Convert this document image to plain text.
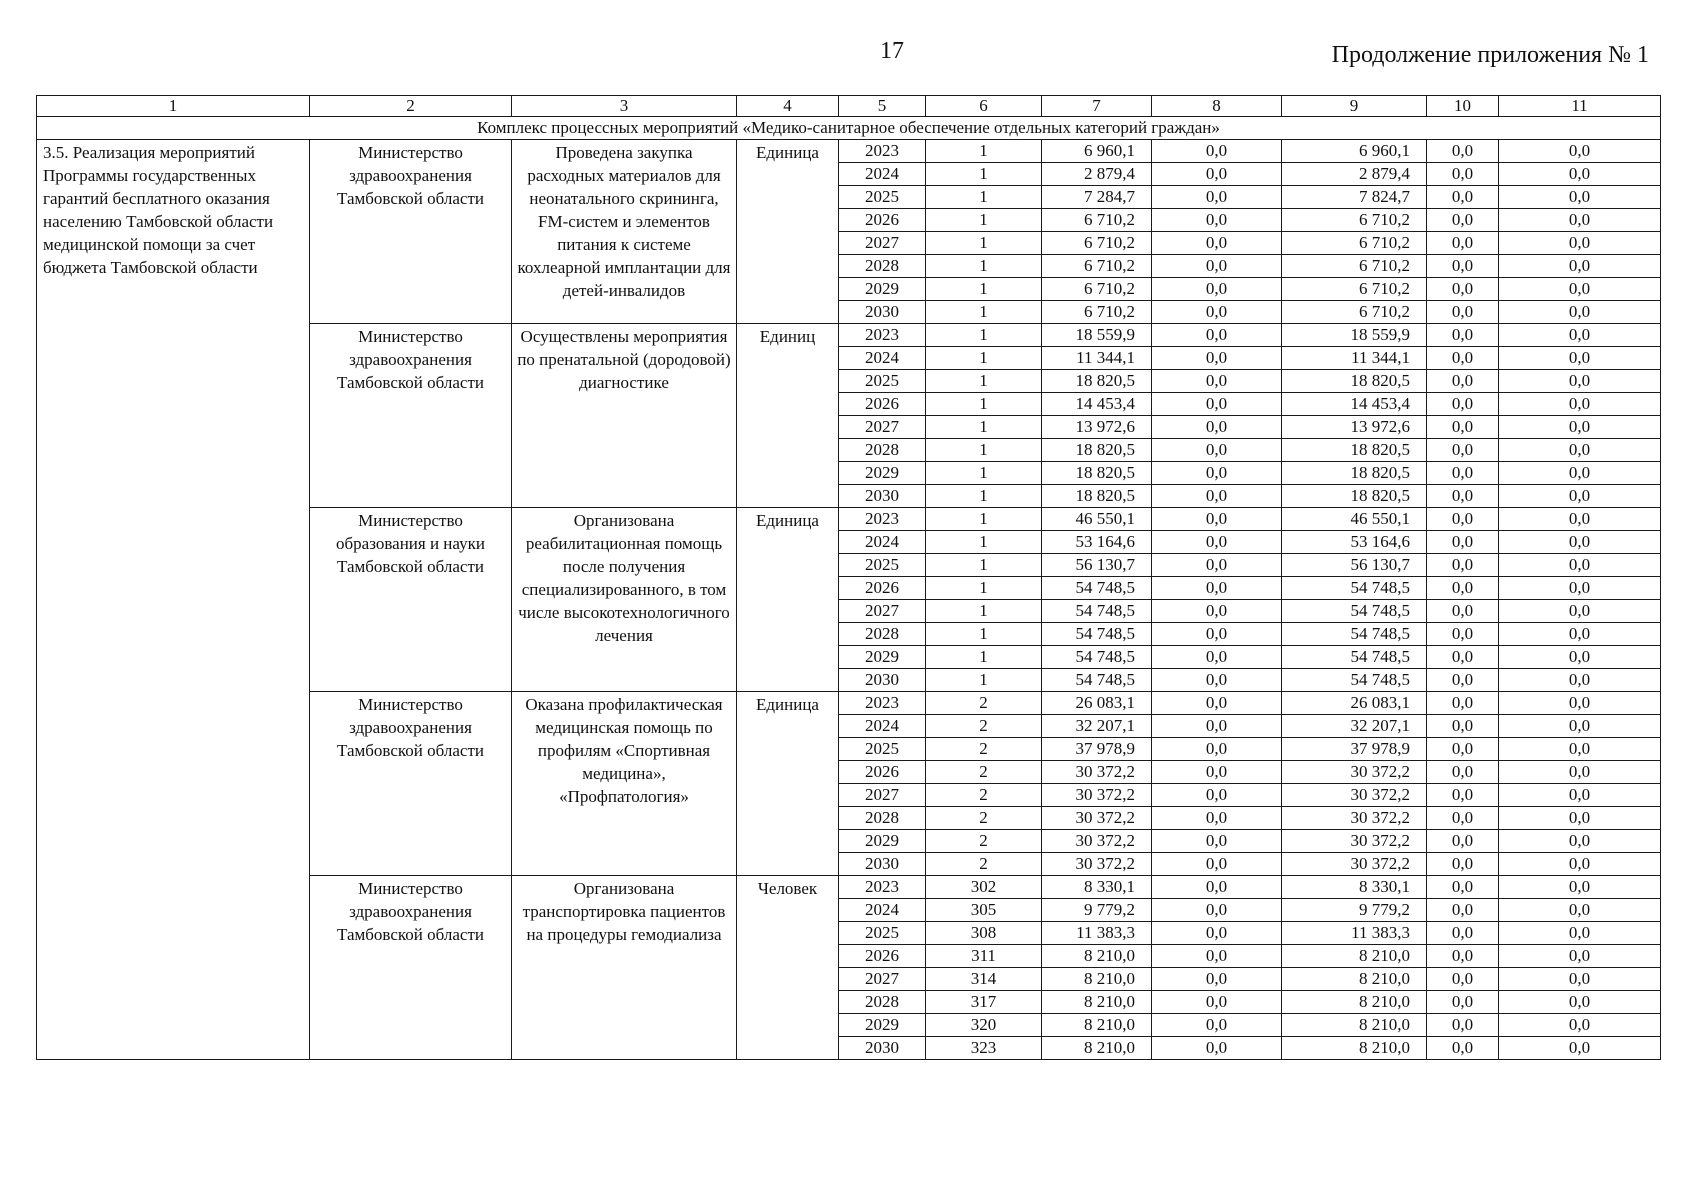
17	Продолжение приложения № 1
1	2	3	4	5	6	7	8	9	10	11
Комплекс процессных мероприятий «Медико-санитарное обеспечение отдельных категорий граждан»										
3.5. Реализация мероприятий Программы государственных гарантий бесплатного оказания населению Тамбовской области медицинской помощи за счет бюджета Тамбовской области	Министерство здравоохранения Тамбовской области	Проведена закупка расходных материалов для неонатального скрининга, FM-систем и элементов питания к системе кохлеарной имплантации для детей-инвалидов	Единица	2023	1	6 960,1	0,0	6 960,1	0,0	0,0
				2024	1	2 879,4	0,0	2 879,4	0,0	0,0
				2025	1	7 284,7	0,0	7 824,7	0,0	0,0
				2026	1	6 710,2	0,0	6 710,2	0,0	0,0
				2027	1	6 710,2	0,0	6 710,2	0,0	0,0
				2028	1	6 710,2	0,0	6 710,2	0,0	0,0
				2029	1	6 710,2	0,0	6 710,2	0,0	0,0
				2030	1	6 710,2	0,0	6 710,2	0,0	0,0
	Министерство здравоохранения Тамбовской области	Осуществлены мероприятия по пренатальной (дородовой) диагностике	Единиц	2023	1	18 559,9	0,0	18 559,9	0,0	0,0
				2024	1	11 344,1	0,0	11 344,1	0,0	0,0
				2025	1	18 820,5	0,0	18 820,5	0,0	0,0
				2026	1	14 453,4	0,0	14 453,4	0,0	0,0
				2027	1	13 972,6	0,0	13 972,6	0,0	0,0
				2028	1	18 820,5	0,0	18 820,5	0,0	0,0
				2029	1	18 820,5	0,0	18 820,5	0,0	0,0
				2030	1	18 820,5	0,0	18 820,5	0,0	0,0
	Министерство образования и науки Тамбовской области	Организована реабилитационная помощь после получения специализированного, в том числе высокотехнологичного лечения	Единица	2023	1	46 550,1	0,0	46 550,1	0,0	0,0
				2024	1	53 164,6	0,0	53 164,6	0,0	0,0
				2025	1	56 130,7	0,0	56 130,7	0,0	0,0
				2026	1	54 748,5	0,0	54 748,5	0,0	0,0
				2027	1	54 748,5	0,0	54 748,5	0,0	0,0
				2028	1	54 748,5	0,0	54 748,5	0,0	0,0
				2029	1	54 748,5	0,0	54 748,5	0,0	0,0
				2030	1	54 748,5	0,0	54 748,5	0,0	0,0
	Министерство здравоохранения Тамбовской области	Оказана профилактическая медицинская помощь по профилям «Спортивная медицина», «Профпатология»	Единица	2023	2	26 083,1	0,0	26 083,1	0,0	0,0
				2024	2	32 207,1	0,0	32 207,1	0,0	0,0
				2025	2	37 978,9	0,0	37 978,9	0,0	0,0
				2026	2	30 372,2	0,0	30 372,2	0,0	0,0
				2027	2	30 372,2	0,0	30 372,2	0,0	0,0
				2028	2	30 372,2	0,0	30 372,2	0,0	0,0
				2029	2	30 372,2	0,0	30 372,2	0,0	0,0
				2030	2	30 372,2	0,0	30 372,2	0,0	0,0
	Министерство здравоохранения Тамбовской области	Организована транспортировка пациентов на процедуры гемодиализа	Человек	2023	302	8 330,1	0,0	8 330,1	0,0	0,0
				2024	305	9 779,2	0,0	9 779,2	0,0	0,0
				2025	308	11 383,3	0,0	11 383,3	0,0	0,0
				2026	311	8 210,0	0,0	8 210,0	0,0	0,0
				2027	314	8 210,0	0,0	8 210,0	0,0	0,0
				2028	317	8 210,0	0,0	8 210,0	0,0	0,0
				2029	320	8 210,0	0,0	8 210,0	0,0	0,0
				2030	323	8 210,0	0,0	8 210,0	0,0	0,0
